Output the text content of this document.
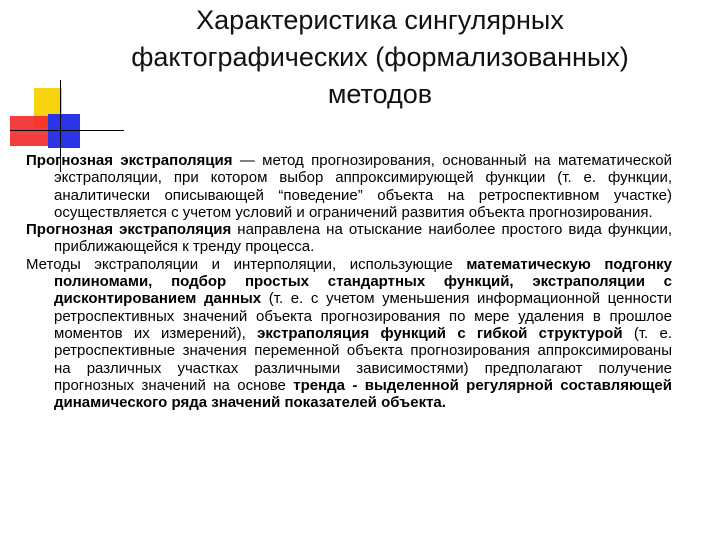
Характеристика сингулярных
фактографических (формализованных)
методов

Прогнозная экстраполяция — метод прогнозирования, основанный на математической экстраполяции, при котором выбор аппроксимирующей функции (т. е. функции, аналитически описывающей “поведение” объекта на ретроспективном участке) осуществляется с учетом условий и ограничений развития объекта прогнозирования.

Прогнозная экстраполяция направлена на отыскание наиболее простого вида функции, приближающейся к тренду процесса.

Методы экстраполяции и интерполяции, использующие математическую подгонку полиномами, подбор простых стандартных функций, экстраполяции с дисконтированием данных (т. е. с учетом уменьшения информационной ценности ретроспективных значений объекта прогнозирования по мере удаления в прошлое моментов их измерений), экстраполяция функций с гибкой структурой (т. е. ретроспективные значения переменной объекта прогнозирования аппроксимированы на различных участках различными зависимостями) предполагают получение прогнозных значений на основе тренда - выделенной регулярной составляющей динамического ряда значений показателей объекта.
